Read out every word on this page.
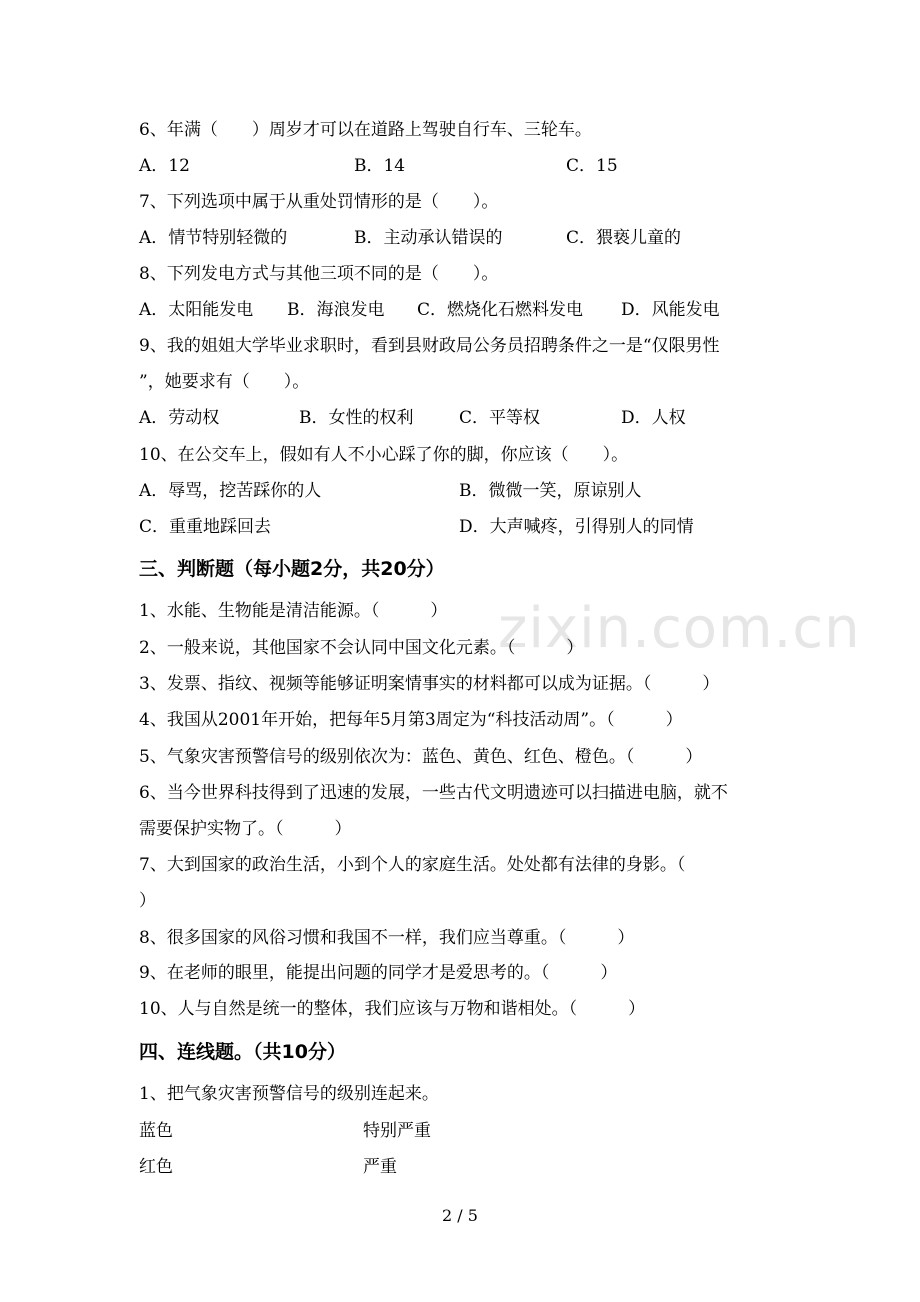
zixin.com.cn
6、年满（　　）周岁才可以在道路上驾驶自行车、三轮车。
A．12	B．14	C．15
7、下列选项中属于从重处罚情形的是（　　）。
A．情节特别轻微的	B．主动承认错误的	C．猥亵儿童的
8、下列发电方式与其他三项不同的是（　　）。
A．太阳能发电 B．海浪发电 C．燃烧化石燃料发电 D．风能发电
9、我的姐姐大学毕业求职时，看到县财政局公务员招聘条件之一是“仅限男性
”，她要求有（　　）。
A．劳动权	B．女性的权利	C．平等权	D．人权
10、在公交车上，假如有人不小心踩了你的脚，你应该（　　）。
A．辱骂，挖苦踩你的人	B．微微一笑，原谅别人
C．重重地踩回去	D．大声喊疼，引得别人的同情
三、判断题（每小题2分，共20分）
1、水能、生物能是清洁能源。（　　　）
2、一般来说，其他国家不会认同中国文化元素。（　　　）
3、发票、指纹、视频等能够证明案情事实的材料都可以成为证据。（　　　）
4、我国从2001年开始，把每年5月第3周定为“科技活动周”。（　　　）
5、气象灾害预警信号的级别依次为：蓝色、黄色、红色、橙色。（　　　）
6、当今世界科技得到了迅速的发展，一些古代文明遗迹可以扫描进电脑，就不
需要保护实物了。（　　　）
7、大到国家的政治生活，小到个人的家庭生活。处处都有法律的身影。（
）
8、很多国家的风俗习惯和我国不一样，我们应当尊重。（　　　）
9、在老师的眼里，能提出问题的同学才是爱思考的。（　　　）
10、人与自然是统一的整体，我们应该与万物和谐相处。（　　　）
四、连线题。（共10分）
1、把气象灾害预警信号的级别连起来。
蓝色	特别严重
红色	严重
2 / 5
